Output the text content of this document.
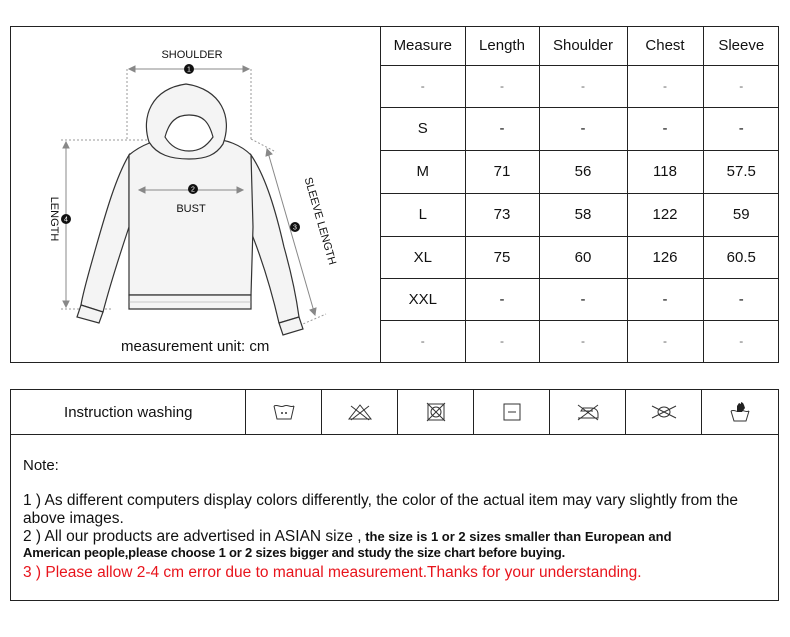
1
2
3
4
SHOULDER
BUST
LENGTH	SLEEVE LENGTH
measurement unit: cm
Measure	Length	Shoulder	Chest	Sleeve
-	-	-	-	-
S	-	-	-	-
M	71	56	118	57.5
L	73	58	122	59
XL	75	60	126	60.5
XXL	-	-	-	-
-	-	-	-	-
Instruction washing
Note:
1 ) As different computers display colors differently, the color of the actual item may vary slightly from the above images.
2 ) All our products are advertised in ASIAN size , the size is 1 or 2 sizes smaller than European and
American people,please choose 1 or 2 sizes bigger and study the size chart before buying.
3 ) Please allow 2-4 cm error due to manual measurement.Thanks for your understanding.
